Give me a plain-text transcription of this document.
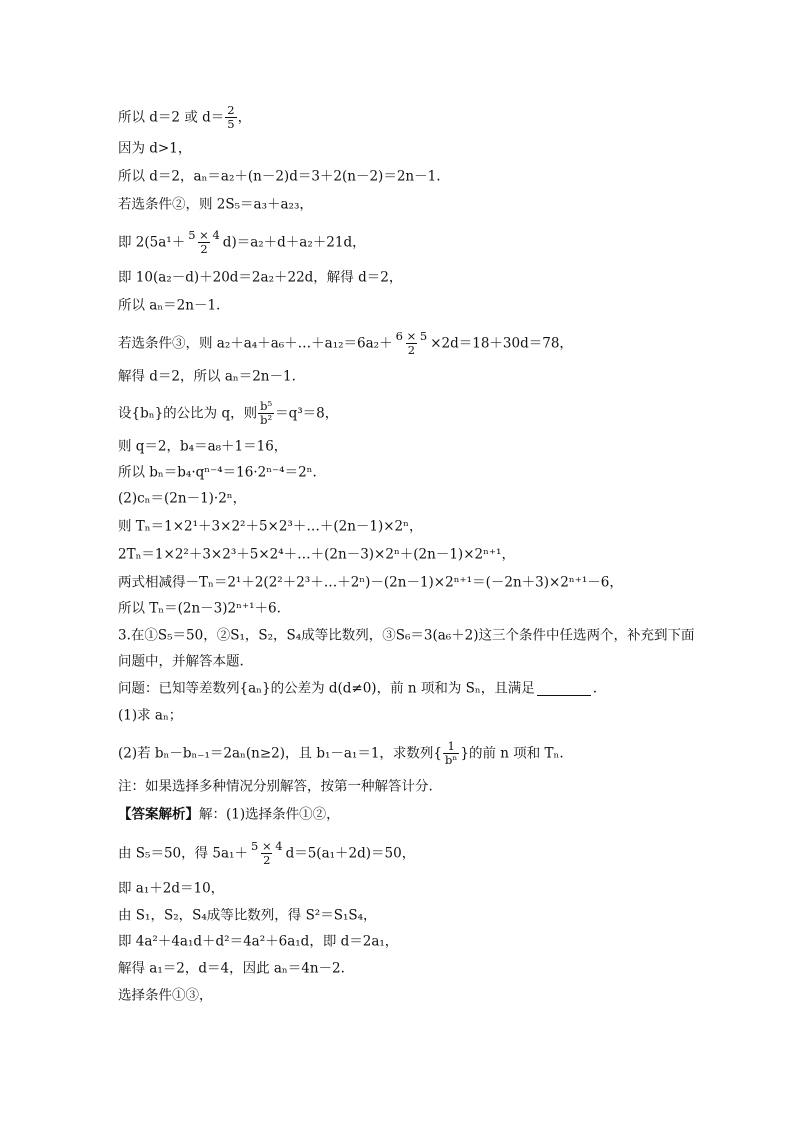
所以 d＝2 或 $d= \frac{2}{5}$ ，
因为 d>1，
所以 d＝2，aₙ＝a₂＋(n－2)d＝3＋2(n－2)＝2n－1.
若选条件②，则 2S₅＝a₃＋a₂₃，
即 $2(5a^1+ \frac{5 \times 4}{2} d)=a_2+d+a_2+21d$，
即 10(a₂－d)＋20d＝2a₂＋22d，解得 d＝2，
所以 aₙ＝2n－1.
若选条件③，则 a₂＋a₄＋a₆＋…＋a₁₂＝6a₂＋ $\frac{6 \times 5}{2} \times 2d=18+30d=78$，
解得 d＝2，所以 aₙ＝2n－1.
设{bₙ}的公比为 q，则 $\frac{\text{b⁵}}{\text{b²}} =q^3=8$，
则 q＝2，b₄＝a₈＋1＝16，
所以 bₙ＝b₄·qⁿ⁻⁴＝16·2ⁿ⁻⁴＝2ⁿ.
(2)cₙ＝(2n－1)·2ⁿ，
则 Tₙ＝1×2¹＋3×2²＋5×2³＋…＋(2n－1)×2ⁿ，
2Tₙ＝1×2²＋3×2³＋5×2⁴＋…＋(2n－3)×2ⁿ＋(2n－1)×2ⁿ⁺¹，
两式相减得－Tₙ＝2¹＋2(2²＋2³＋…＋2ⁿ)－(2n－1)×2ⁿ⁺¹＝(－2n＋3)×2ⁿ⁺¹－6，
所以 Tₙ＝(2n－3)2ⁿ⁺¹＋6.
3.在①S₅＝50，②S₁，S₂，S₄成等比数列，③S₆＝3(a₆＋2)这三个条件中任选两个，补充到下面
问题中，并解答本题.
问题：已知等差数列{aₙ}的公差为 d(d≠0)，前 n 项和为 Sₙ，且满足	.
(1)求 aₙ；
(2)若 bₙ－bₙ₋₁＝2aₙ(n≥2)，且 b₁－a₁＝1，求数列{ $\frac{1}{\text{bⁿ}}$ }的前 n 项和 Tₙ.
注：如果选择多种情况分别解答，按第一种解答计分.
【答案解析】解：(1)选择条件①②，
由 S₅＝50，得 $5a_1+ \frac{5 \times 4}{2} d=5(a_1+2d)=50$，
即 a₁＋2d＝10，
由 S₁，S₂，S₄成等比数列，得 S²＝S₁S₄，
即 4a²＋4a₁d＋d²＝4a²＋6a₁d，即 d＝2a₁，
解得 a₁＝2，d＝4，因此 aₙ＝4n－2.
选择条件①③，
